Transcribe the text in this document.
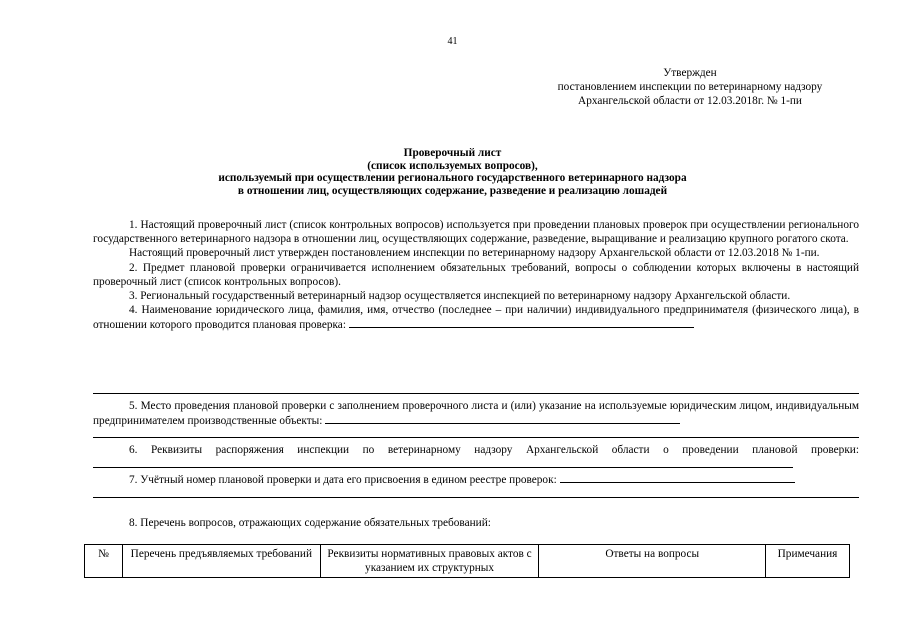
41
Утвержден
постановлением инспекции по ветеринарному надзору
Архангельской области от 12.03.2018г. № 1-пи
Проверочный лист
(список используемых вопросов),
используемый при осуществлении регионального государственного ветеринарного надзора
в отношении лиц, осуществляющих содержание, разведение и реализацию лошадей

1. Настоящий проверочный лист (список контрольных вопросов) используется при проведении плановых проверок при осуществлении регионального государственного ветеринарного надзора в отношении лиц, осуществляющих содержание, разведение, выращивание и реализацию крупного рогатого скота.

Настоящий проверочный лист утвержден постановлением инспекции по ветеринарному надзору Архангельской области от 12.03.2018 № 1-пи.

2. Предмет плановой проверки ограничивается исполнением обязательных требований, вопросы о соблюдении которых включены в настоящий проверочный лист (список контрольных вопросов).

3. Региональный государственный ветеринарный надзор осуществляется инспекцией по ветеринарному надзору Архангельской области.

4. Наименование юридического лица, фамилия, имя, отчество (последнее – при наличии) индивидуального предпринимателя (физического лица), в отношении которого проводится плановая проверка:

5. Место проведения плановой проверки с заполнением проверочного листа и (или) указание на используемые юридическим лицом, индивидуальным предпринимателем производственные объекты:

6. Реквизиты распоряжения инспекции по ветеринарному надзору Архангельской области о проведении плановой проверки:

7. Учётный номер плановой проверки и дата его присвоения в едином реестре проверок:

8. Перечень вопросов, отражающих содержание обязательных требований:

№	Перечень предъявляемых требований	Реквизиты нормативных правовых актов с указанием их структурных	Ответы на вопросы	Примечания
